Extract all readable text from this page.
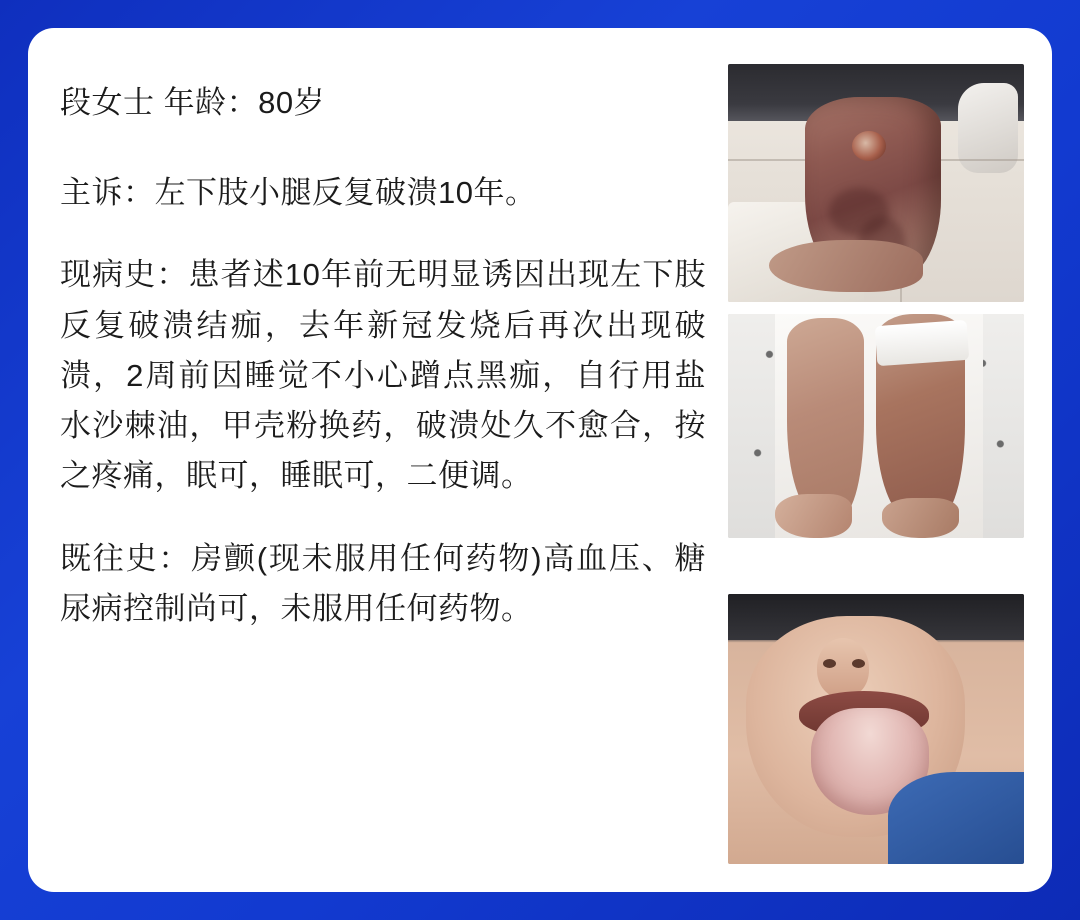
段女士 年龄：80岁

主诉：左下肢小腿反复破溃10年。

现病史：患者述10年前无明显诱因出现左下肢反复破溃结痂，去年新冠发烧后再次出现破溃，2周前因睡觉不小心蹭点黑痂，自行用盐水沙棘油，甲壳粉换药，破溃处久不愈合，按之疼痛，眠可，睡眠可，二便调。

既往史：房颤(现未服用任何药物)高血压、糖尿病控制尚可，未服用任何药物。
